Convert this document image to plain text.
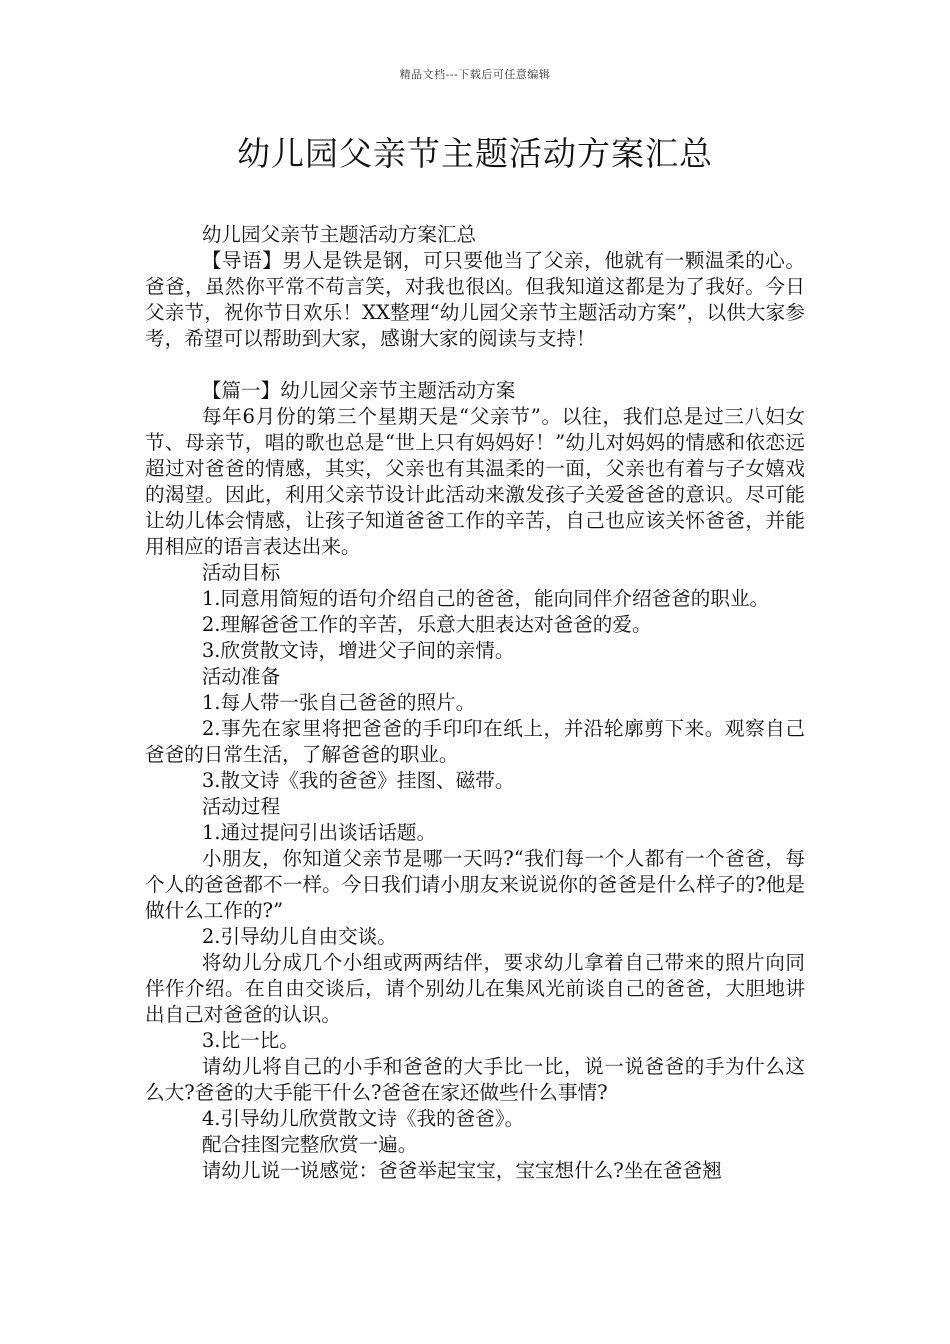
精品文档---下载后可任意编辑
幼儿园父亲节主题活动方案汇总

幼儿园父亲节主题活动方案汇总

【导语】男人是铁是钢，可只要他当了父亲，他就有一颗温柔的心。爸爸，虽然你平常不苟言笑，对我也很凶。但我知道这都是为了我好。今日父亲节，祝你节日欢乐！XX整理“幼儿园父亲节主题活动方案”，以供大家参考，希望可以帮助到大家，感谢大家的阅读与支持！

【篇一】幼儿园父亲节主题活动方案

每年6月份的第三个星期天是“父亲节”。以往，我们总是过三八妇女节、母亲节，唱的歌也总是“世上只有妈妈好！”幼儿对妈妈的情感和依恋远超过对爸爸的情感，其实，父亲也有其温柔的一面，父亲也有着与子女嬉戏的渴望。因此，利用父亲节设计此活动来激发孩子关爱爸爸的意识。尽可能让幼儿体会情感，让孩子知道爸爸工作的辛苦，自己也应该关怀爸爸，并能用相应的语言表达出来。

活动目标

1.同意用简短的语句介绍自己的爸爸，能向同伴介绍爸爸的职业。

2.理解爸爸工作的辛苦，乐意大胆表达对爸爸的爱。

3.欣赏散文诗，增进父子间的亲情。

活动准备

1.每人带一张自己爸爸的照片。

2.事先在家里将把爸爸的手印印在纸上，并沿轮廓剪下来。观察自己爸爸的日常生活，了解爸爸的职业。

3.散文诗《我的爸爸》挂图、磁带。

活动过程

1.通过提问引出谈话话题。

小朋友，你知道父亲节是哪一天吗?“我们每一个人都有一个爸爸，每个人的爸爸都不一样。今日我们请小朋友来说说你的爸爸是什么样子的?他是做什么工作的?”

2.引导幼儿自由交谈。

将幼儿分成几个小组或两两结伴，要求幼儿拿着自己带来的照片向同伴作介绍。在自由交谈后，请个别幼儿在集风光前谈自己的爸爸，大胆地讲出自己对爸爸的认识。

3.比一比。

请幼儿将自己的小手和爸爸的大手比一比，说一说爸爸的手为什么这么大?爸爸的大手能干什么?爸爸在家还做些什么事情?

4.引导幼儿欣赏散文诗《我的爸爸》。

配合挂图完整欣赏一遍。

请幼儿说一说感觉：爸爸举起宝宝，宝宝想什么?坐在爸爸翘
